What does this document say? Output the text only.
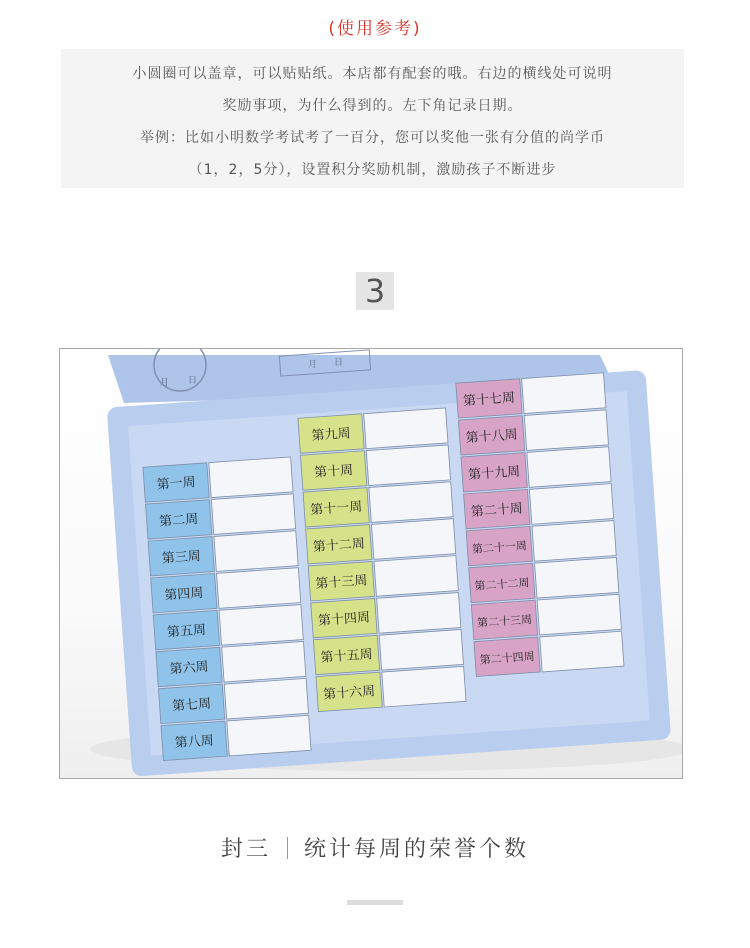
(使用参考)
小圆圈可以盖章，可以贴贴纸。本店都有配套的哦。右边的横线处可说明
奖励事项，为什么得到的。左下角记录日期。
举例：比如小明数学考试考了一百分，您可以奖他一张有分值的尚学币
（1，2，5分），设置积分奖励机制，激励孩子不断进步
3
第一周
第二周
第三周
第四周
第五周
第六周
第七周
第八周
第九周
第十周
第十一周
第十二周
第十三周
第十四周
第十五周
第十六周
第十七周
第十八周
第十九周
第二十周
第二十一周
第二十二周
第二十三周
第二十四周
月 日
月 日
封三 统计每周的荣誉个数
